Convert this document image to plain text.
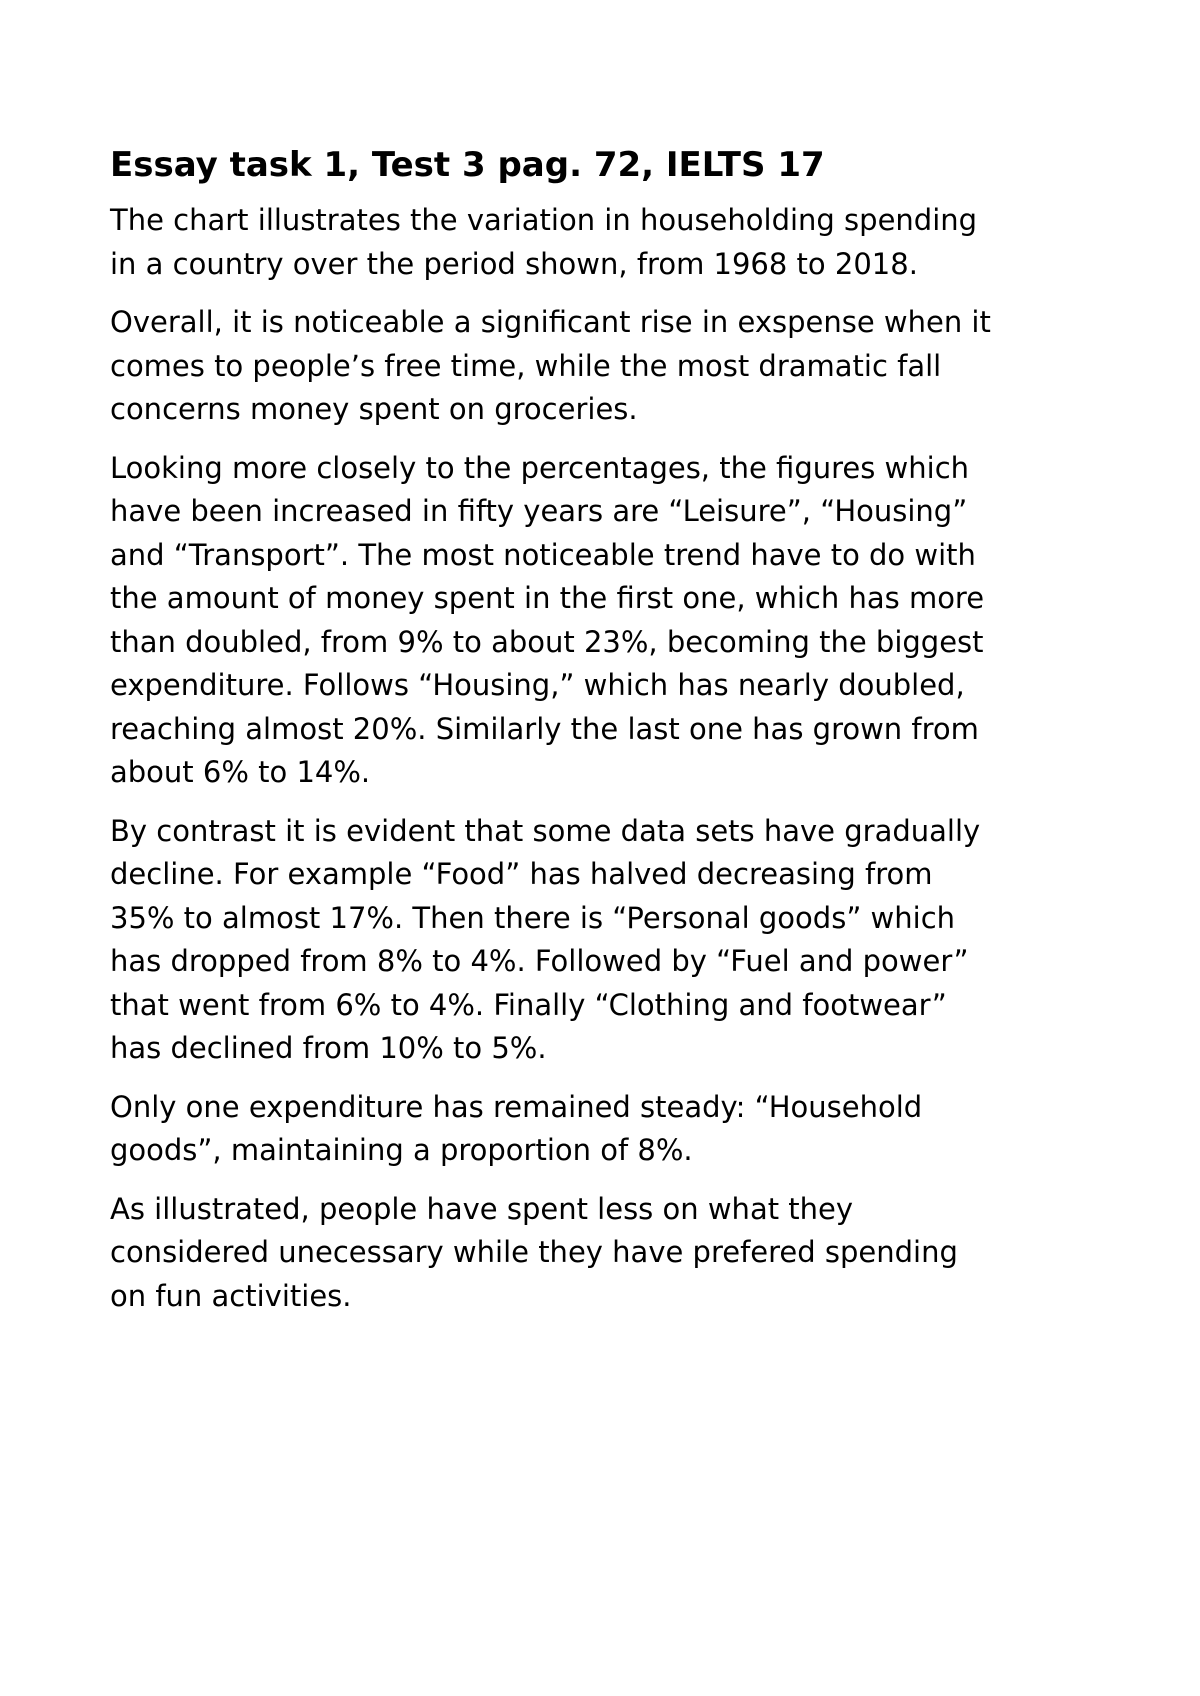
Essay task 1, Test 3 pag. 72, IELTS 17

The chart illustrates the variation in householding spending
in a country over the period shown, from 1968 to 2018.

Overall, it is noticeable a significant rise in exspense when it
comes to people’s free time, while the most dramatic fall
concerns money spent on groceries.

Looking more closely to the percentages, the figures which
have been increased in fifty years are “Leisure”, “Housing”
and “Transport”. The most noticeable trend have to do with
the amount of money spent in the first one, which has more
than doubled, from 9% to about 23%, becoming the biggest
expenditure. Follows “Housing,” which has nearly doubled,
reaching almost 20%. Similarly the last one has grown from
about 6% to 14%.

By contrast it is evident that some data sets have gradually
decline. For example “Food” has halved decreasing from
35% to almost 17%. Then there is “Personal goods” which
has dropped from 8% to 4%. Followed by “Fuel and power”
that went from 6% to 4%. Finally “Clothing and footwear”
has declined from 10% to 5%.

Only one expenditure has remained steady: “Household
goods”, maintaining a proportion of 8%.

As illustrated, people have spent less on what they
considered unecessary while they have prefered spending
on fun activities.
